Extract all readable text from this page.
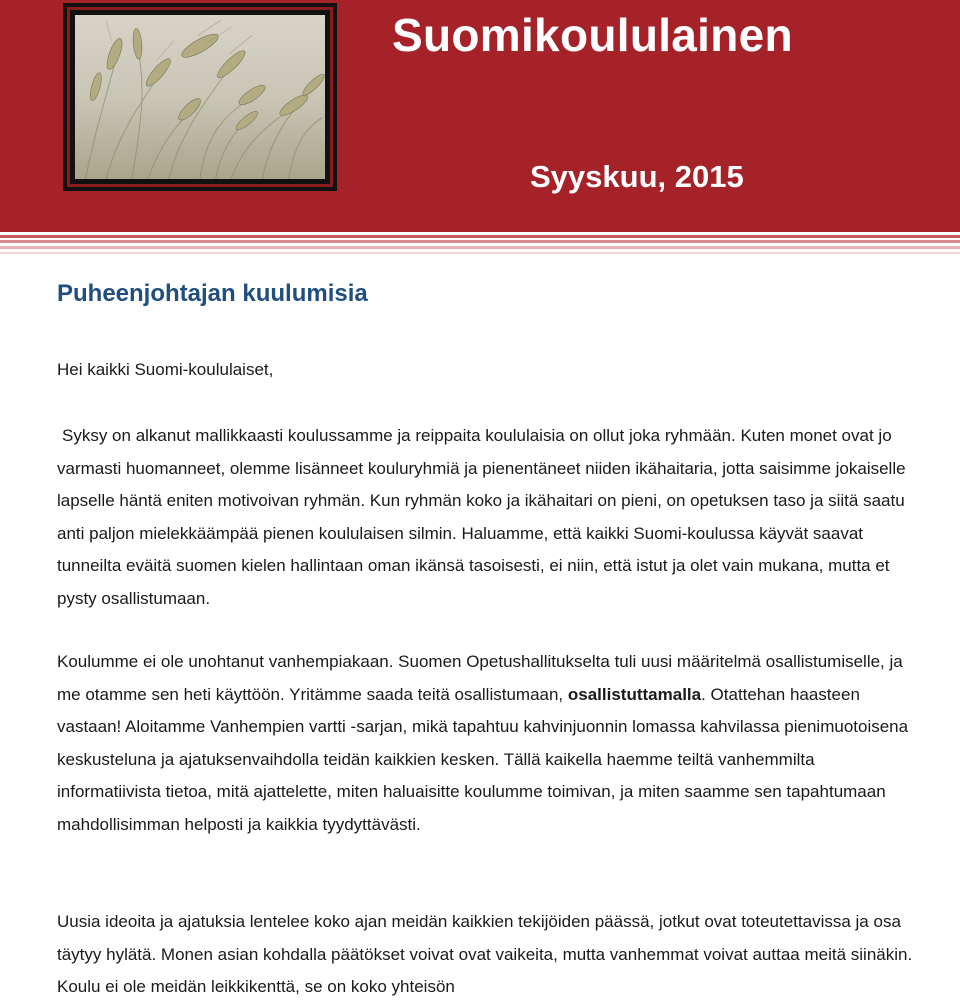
Suomikoululainen
Syyskuu, 2015
Puheenjohtajan kuulumisia

Hei kaikki Suomi-koululaiset,

Syksy on alkanut mallikkaasti koulussamme ja reippaita koululaisia on ollut joka ryhmään. Kuten monet ovat jo varmasti huomanneet, olemme lisänneet kouluryhmiä ja pienentäneet niiden ikähaitaria, jotta saisimme jokaiselle lapselle häntä eniten motivoivan ryhmän. Kun ryhmän koko ja ikähaitari on pieni, on opetuksen taso ja siitä saatu anti paljon mielekkäämpää pienen koululaisen silmin. Haluamme, että kaikki Suomi-koulussa käyvät saavat tunneilta eväitä suomen kielen hallintaan oman ikänsä tasoisesti, ei niin, että istut ja olet vain mukana, mutta et pysty osallistumaan.

Koulumme ei ole unohtanut vanhempiakaan. Suomen Opetushallitukselta tuli uusi määritelmä osallistumiselle, ja me otamme sen heti käyttöön. Yritämme saada teitä osallistumaan, osallistuttamalla. Otattehan haasteen vastaan! Aloitamme Vanhempien vartti -sarjan, mikä tapahtuu kahvinjuonnin lomassa kahvilassa pienimuotoisena keskusteluna ja ajatuksenvaihdolla teidän kaikkien kesken. Tällä kaikella haemme teiltä vanhemmilta informatiivista tietoa, mitä ajattelette, miten haluaisitte koulumme toimivan, ja miten saamme sen tapahtumaan mahdollisimman helposti ja kaikkia tyydyttävästi.

Uusia ideoita ja ajatuksia lentelee koko ajan meidän kaikkien tekijöiden päässä, jotkut ovat toteutettavissa ja osa täytyy hylätä. Monen asian kohdalla päätökset voivat ovat vaikeita, mutta vanhemmat voivat auttaa meitä siinäkin. Koulu ei ole meidän leikkikenttä, se on koko yhteisön
